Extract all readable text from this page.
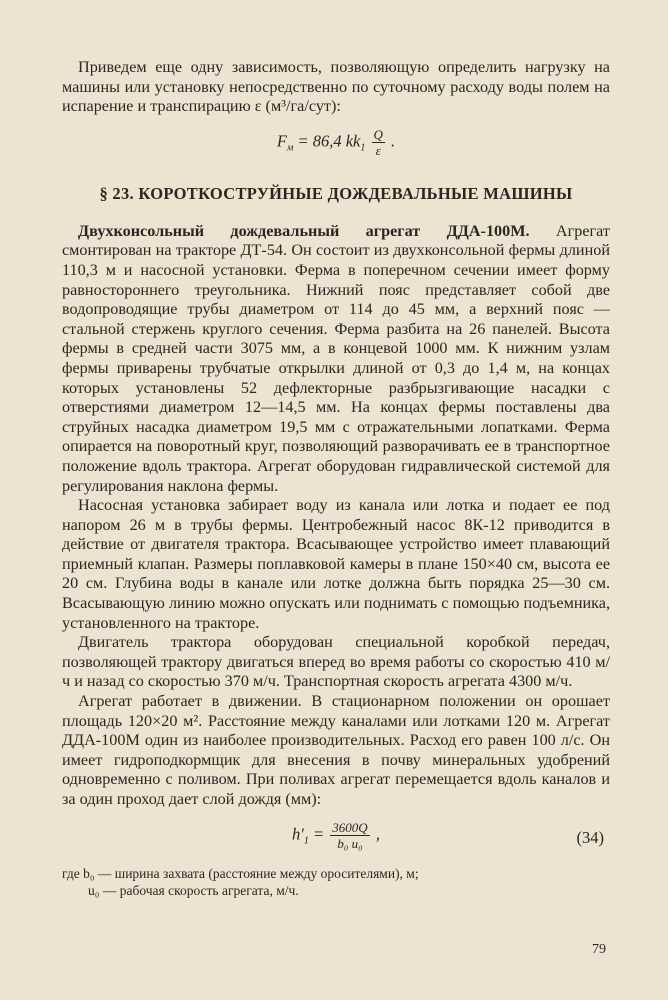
Приведем еще одну зависимость, позволяющую определить нагрузку на машины или установку непосредственно по суточному расходу воды полем на испарение и транспирацию ε (м³/га/сут):

$F_м = 86,4$ $kk_1 \frac{Q}{\varepsilon}$ .
§ 23. КОРОТКОСТРУЙНЫЕ ДОЖДЕВАЛЬНЫЕ МАШИНЫ

Двухконсольный дождевальный агрегат ДДА-100М. Агрегат смонтирован на тракторе ДТ-54. Он состоит из двухконсольной фермы длиной 110,3 м и насосной установки. Ферма в поперечном сечении имеет форму равностороннего треугольника. Нижний пояс представляет собой две водопроводящие трубы диаметром от 114 до 45 мм, а верхний пояс — стальной стержень круглого сечения. Ферма разбита на 26 панелей. Высота фермы в средней части 3075 мм, а в концевой 1000 мм. К нижним узлам фермы приварены трубчатые открылки длиной от 0,3 до 1,4 м, на концах которых установлены 52 дефлекторные разбрызгивающие насадки с отверстиями диаметром 12—14,5 мм. На концах фермы поставлены два струйных насадка диаметром 19,5 мм с отражательными лопатками. Ферма опирается на поворотный круг, позволяющий разворачивать ее в транспортное положение вдоль трактора. Агрегат оборудован гидравлической системой для регулирования наклона фермы.

Насосная установка забирает воду из канала или лотка и подает ее под напором 26 м в трубы фермы. Центробежный насос 8К-12 приводится в действие от двигателя трактора. Всасывающее устройство имеет плавающий приемный клапан. Размеры поплавковой камеры в плане 150×40 см, высота ее 20 см. Глубина воды в канале или лотке должна быть порядка 25—30 см. Всасывающую линию можно опускать или поднимать с помощью подъемника, установленного на тракторе.

Двигатель трактора оборудован специальной коробкой передач, позволяющей трактору двигаться вперед во время работы со скоростью 410 м/ч и назад со скоростью 370 м/ч. Транспортная скорость агрегата 4300 м/ч.

Агрегат работает в движении. В стационарном положении он орошает площадь 120×20 м². Расстояние между каналами или лотками 120 м. Агрегат ДДА-100М один из наиболее производительных. Расход его равен 100 л/с. Он имеет гидроподкормщик для внесения в почву минеральных удобрений одновременно с поливом. При поливах агрегат перемещается вдоль каналов и за один проход дает слой дождя (мм):

$h'_1 = \frac{3600Q}{\text{b₀ u₀}}$ ,	(34)
где b₀ — ширина захвата (расстояние между оросителями), м;
u₀ — рабочая скорость агрегата, м/ч.
79
